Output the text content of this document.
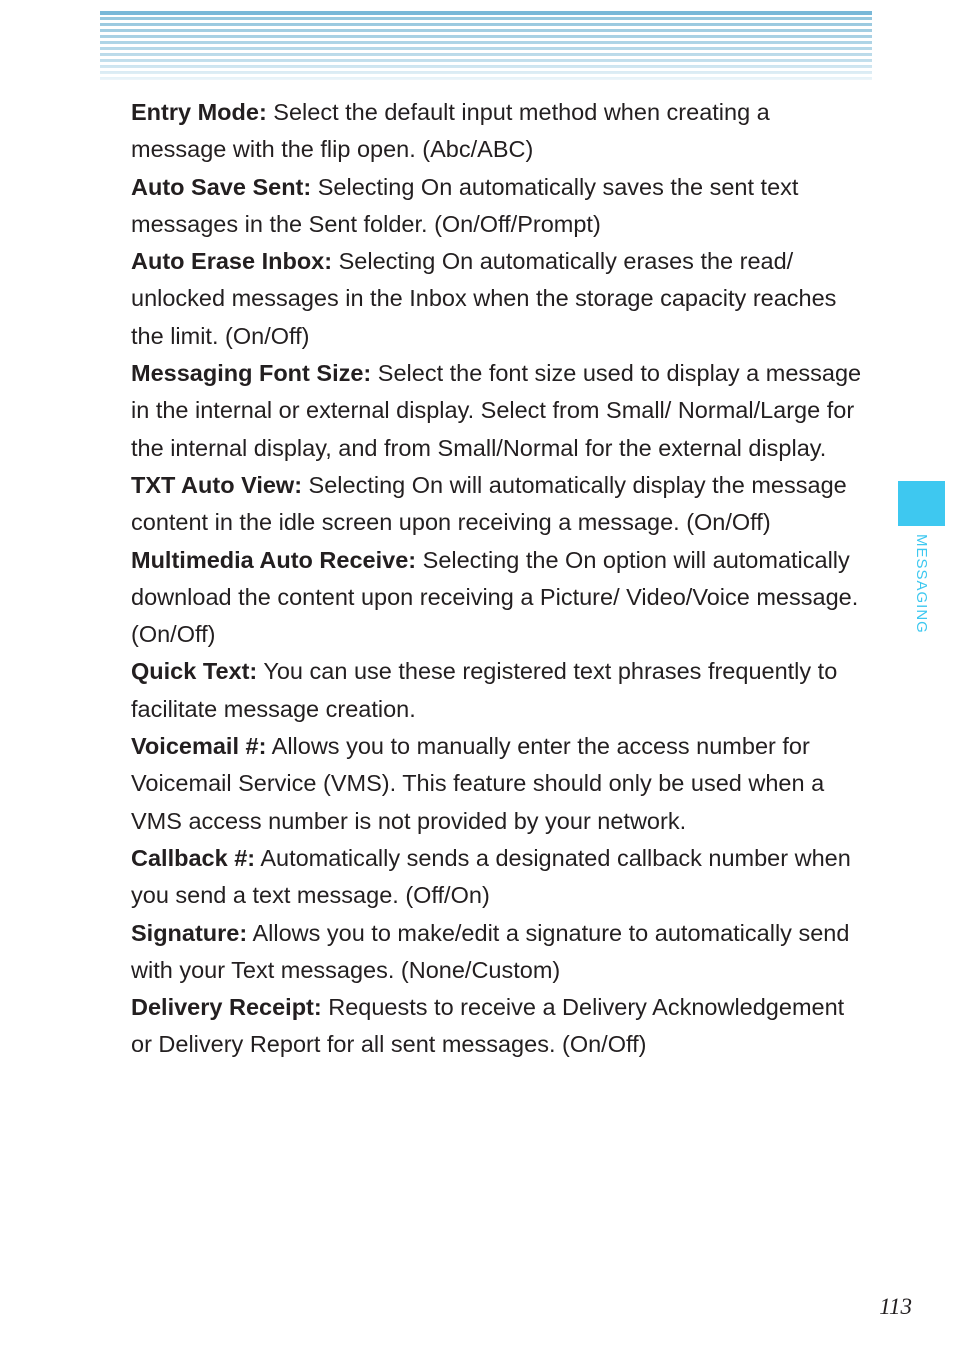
Entry Mode: Select the default input method when creating a message with the flip open. (Abc/ABC)

Auto Save Sent: Selecting On automatically saves the sent text messages in the Sent folder. (On/Off/Prompt)

Auto Erase Inbox: Selecting On automatically erases the read/ unlocked messages in the Inbox when the storage capacity reaches the limit. (On/Off)

Messaging Font Size: Select the font size used to display a message in the internal or external display. Select from Small/ Normal/Large for the internal display, and from Small/Normal for the external display.

TXT Auto View: Selecting On will automatically display the message content in the idle screen upon receiving a message. (On/Off)

Multimedia Auto Receive: Selecting the On option will automatically download the content upon receiving a Picture/ Video/Voice message. (On/Off)

Quick Text: You can use these registered text phrases frequently to facilitate message creation.

Voicemail #: Allows you to manually enter the access number for Voicemail Service (VMS). This feature should only be used when a VMS access number is not provided by your network.

Callback #: Automatically sends a designated callback number when you send a text message. (Off/On)

Signature: Allows you to make/edit a signature to automatically send with your Text messages. (None/Custom)

Delivery Receipt: Requests to receive a Delivery Acknowledgement or Delivery Report for all sent messages. (On/Off)

MESSAGING
113
